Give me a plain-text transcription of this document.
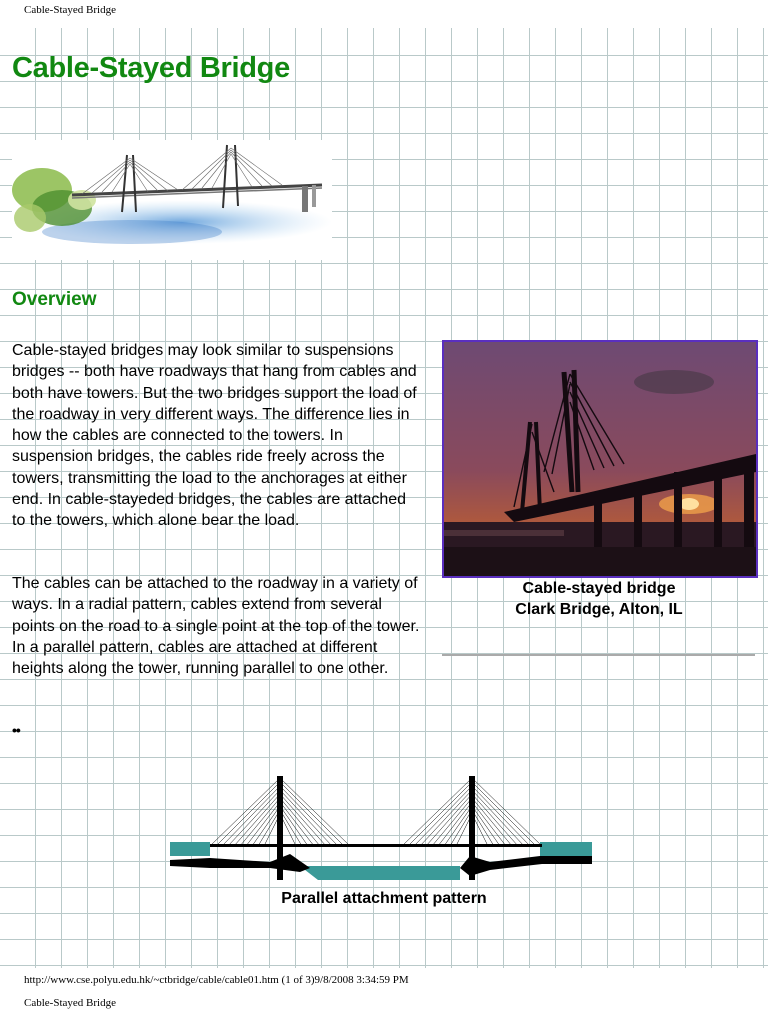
Cable-Stayed Bridge
Cable-Stayed Bridge
Overview

Cable-stayed bridges may look similar to suspensions bridges -- both have roadways that hang from cables and both have towers. But the two bridges support the load of the roadway in very different ways. The difference lies in how the cables are connected to the towers. In suspension bridges, the cables ride freely across the towers, transmitting the load to the anchorages at either end. In cable-stayeded bridges, the cables are attached to the towers, which alone bear the load.

The cables can be attached to the roadway in a variety of ways. In a radial pattern, cables extend from several points on the road to a single point at the top of the tower. In a parallel pattern, cables are attached at different heights along the tower, running parallel to one other.

••
Cable-stayed bridge
Clark Bridge, Alton, IL
Parallel attachment pattern
http://www.cse.polyu.edu.hk/~ctbridge/cable/cable01.htm (1 of 3)9/8/2008 3:34:59 PM
Cable-Stayed Bridge
